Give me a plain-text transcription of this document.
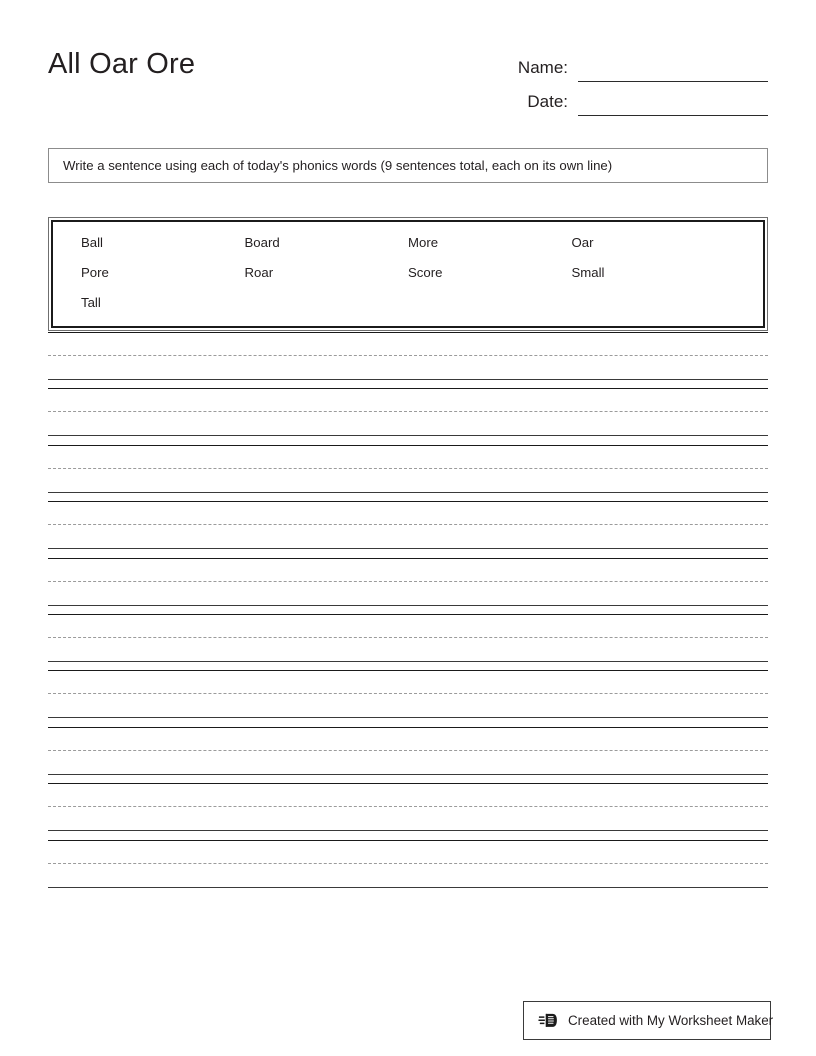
All Oar Ore	Name:
Date:
Write a sentence using each of today's phonics words (9 sentences total, each on its own line)
Ball	Board	More	Oar
Pore	Roar	Score	Small
Tall
Created with My Worksheet Maker
